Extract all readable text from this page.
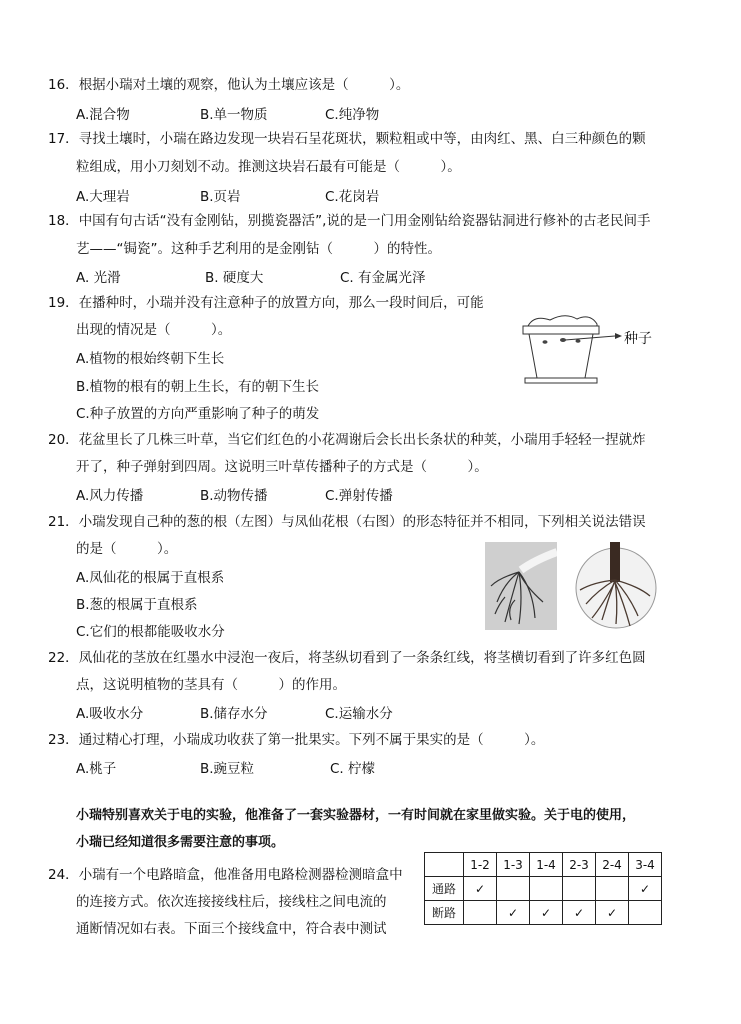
16．根据小瑞对土壤的观察，他认为土壤应该是（　　　）。
A.混合物	B.单一物质	C.纯净物
17．寻找土壤时，小瑞在路边发现一块岩石呈花斑状，颗粒粗或中等，由肉红、黑、白三种颜色的颗
粒组成，用小刀刻划不动。推测这块岩石最有可能是（　　　）。
A.大理岩	B.页岩	C.花岗岩
18．中国有句古话“没有金刚钻，别揽瓷器活”,说的是一门用金刚钻给瓷器钻洞进行修补的古老民间手
艺——“锔瓷”。这种手艺利用的是金刚钻（　　　）的特性。
A. 光滑	B. 硬度大	C. 有金属光泽
19．在播种时，小瑞并没有注意种子的放置方向，那么一段时间后，可能
出现的情况是（　　　）。
A.植物的根始终朝下生长
B.植物的根有的朝上生长，有的朝下生长
C.种子放置的方向严重影响了种子的萌发
种子
20．花盆里长了几株三叶草，当它们红色的小花凋谢后会长出长条状的种荚，小瑞用手轻轻一捏就炸
开了，种子弹射到四周。这说明三叶草传播种子的方式是（　　　）。
A.风力传播	B.动物传播	C.弹射传播
21．小瑞发现自己种的葱的根（左图）与凤仙花根（右图）的形态特征并不相同，下列相关说法错误
的是（　　　）。
A.凤仙花的根属于直根系
B.葱的根属于直根系
C.它们的根都能吸收水分
22．凤仙花的茎放在红墨水中浸泡一夜后，将茎纵切看到了一条条红线，将茎横切看到了许多红色圆
点，这说明植物的茎具有（　　　）的作用。
A.吸收水分	B.储存水分	C.运输水分
23．通过精心打理，小瑞成功收获了第一批果实。下列不属于果实的是（　　　）。
A.桃子	B.豌豆粒	C. 柠檬
小瑞特别喜欢关于电的实验，他准备了一套实验器材，一有时间就在家里做实验。关于电的使用，
小瑞已经知道很多需要注意的事项。
24．小瑞有一个电路暗盒，他准备用电路检测器检测暗盒中
的连接方式。依次连接接线柱后，接线柱之间电流的
通断情况如右表。下面三个接线盒中，符合表中测试
	1-2	1-3	1-4	2-3	2-4	3-4
通路	✓					✓
断路		✓	✓	✓	✓	
